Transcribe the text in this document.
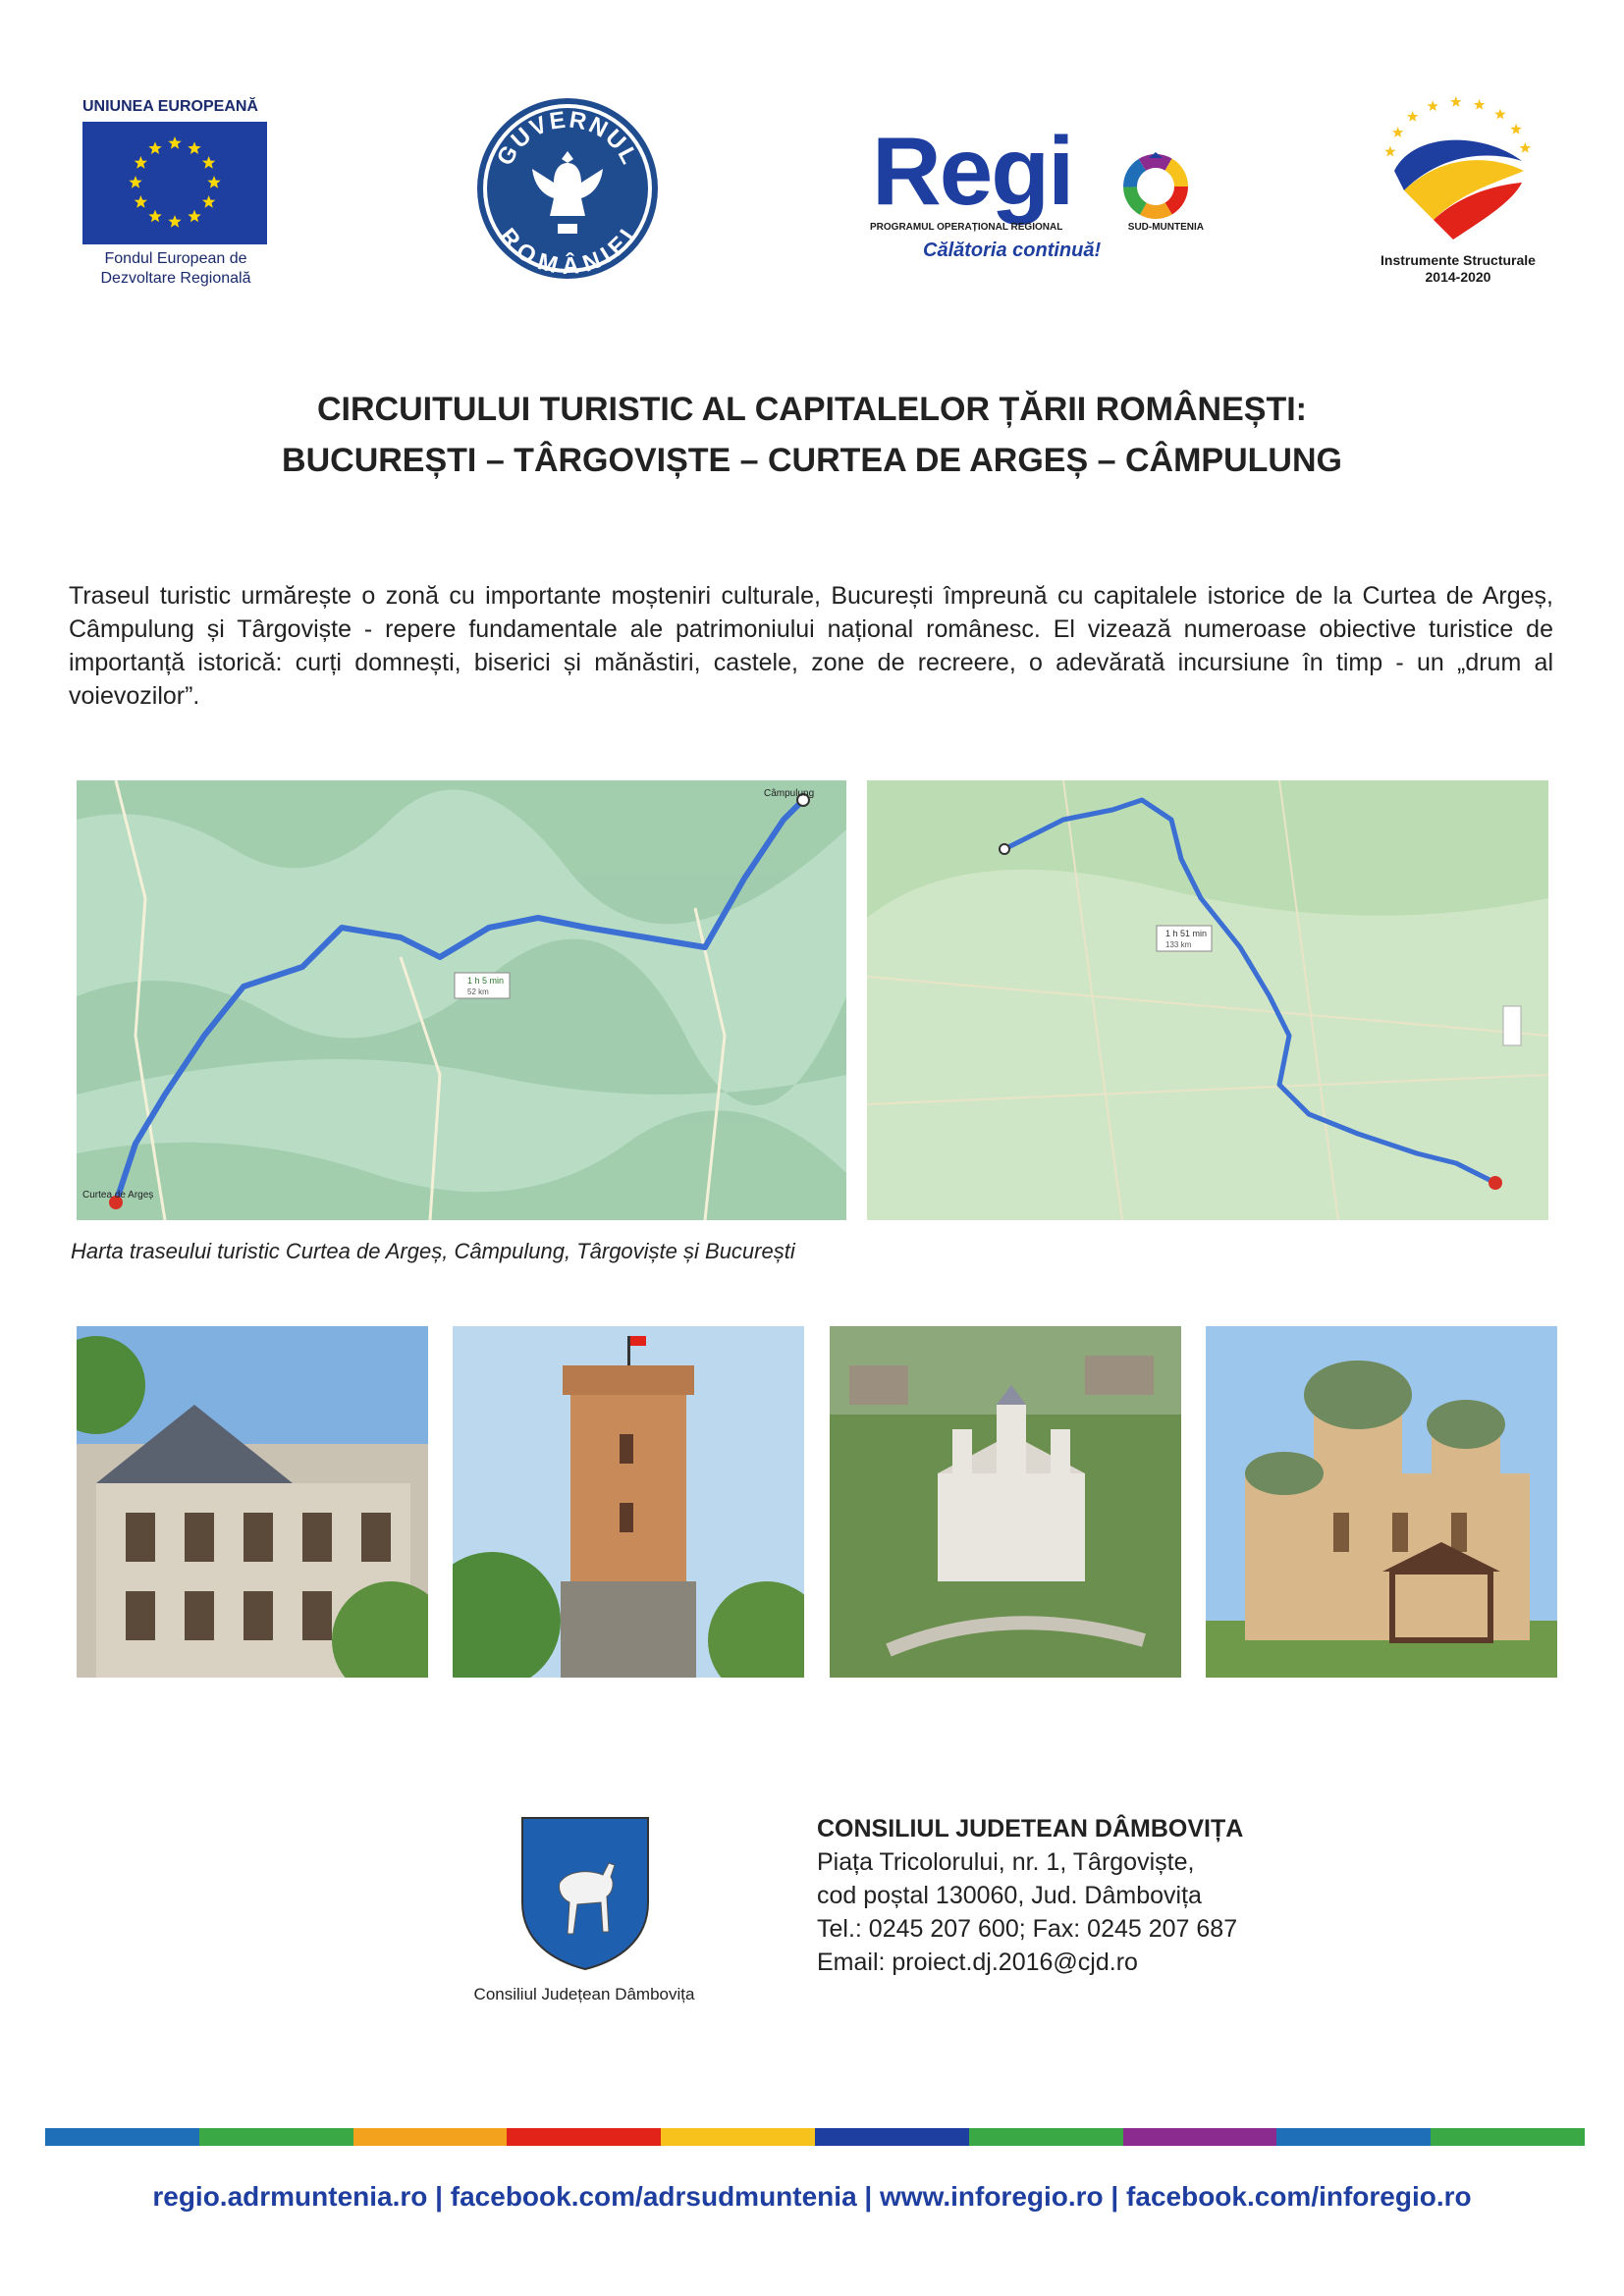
UNIUNEA EUROPEANĂ
Fondul European de
Dezvoltare Regională
GUVERNUL
ROMÂNIEI
Regi
PROGRAMUL OPERAȚIONAL REGIONAL	SUD-MUNTENIA
Călătoria continuă!	Instrumente Structurale
2014-2020
CIRCUITULUI TURISTIC AL CAPITALELOR ȚĂRII ROMÂNEȘTI:
BUCUREȘTI – TÂRGOVIȘTE – CURTEA DE ARGEȘ – CÂMPULUNG
Traseul turistic urmărește o zonă cu importante moșteniri culturale, București împreună cu capitalele istorice de la Curtea de Argeș, Câmpulung și Târgoviște - repere fundamentale ale patrimoniului național românesc. El vizează numeroase obiective turistice de importanță istorică: curți domnești, biserici și mănăstiri, castele, zone de recreere, o adevărată incursiune în timp - un „drum al voievozilor”.
Curtea de Argeș
Câmpulung
1 h 5 min
52 km
1 h 51 min
133 km
Harta traseului turistic Curtea de Argeș, Câmpulung, Târgoviște și București
Consiliul Județean Dâmbovița
CONSILIUL JUDETEAN DÂMBOVIȚA
Piața Tricolorului, nr. 1, Târgoviște,
cod poștal 130060, Jud. Dâmbovița
Tel.: 0245 207 600; Fax: 0245 207 687
Email: proiect.dj.2016@cjd.ro
regio.adrmuntenia.ro | facebook.com/adrsudmuntenia | www.inforegio.ro | facebook.com/inforegio.ro
